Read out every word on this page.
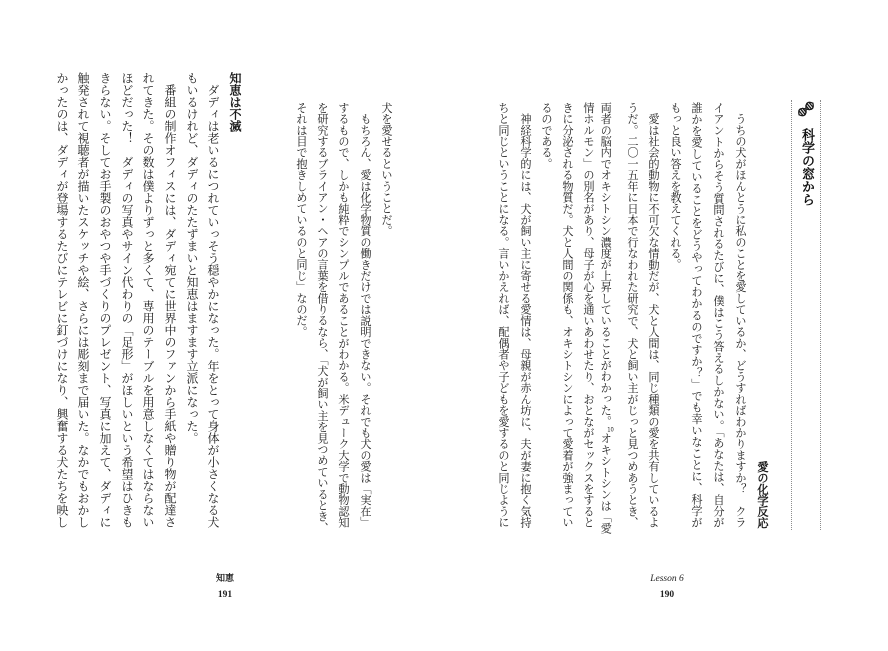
科学の窓から
愛の化学反応
　うちの犬がほんとうに私のことを愛しているか、どうすればわかりますか？　クラ
イアントからそう質問されるたびに、僕はこう答えるしかない。「あなたは、自分が
誰かを愛していることをどうやってわかるのですか？」でも幸いなことに、科学が
もっと良い答えを教えてくれる。
　愛は社会的動物に不可欠な情動だが、犬と人間は、同じ種類の愛を共有しているよ
うだ。二〇一五年に日本で行なわれた研究で、犬と飼い主がじっと見つめあうとき、
両者の脳内でオキシトシン濃度が上昇していることがわかった。$^{10}$オキシトシンは「愛
情ホルモン」の別名があり、母子が心を通いあわせたり、おとながセックスをすると
きに分泌される物質だ。犬と人間の関係も、オキシトシンによって愛着が強まってい
るのである。
　神経科学的には、犬が飼い主に寄せる愛情は、母親が赤ん坊に、夫が妻に抱く気持
ちと同じということになる。言いかえれば、配偶者や子どもを愛するのと同じように
Lesson 6
190
犬を愛せるということだ。
　もちろん、愛は化学物質の働きだけでは説明できない。それでも犬の愛は「実在」
するもので、しかも純粋でシンプルであることがわかる。米デューク大学で動物認知
を研究するブライアン・ヘアの言葉を借りるなら、「犬が飼い主を見つめているとき、
それは目で抱きしめているのと同じ」なのだ。
知恵は不滅
　ダディは老いるにつれていっそう穏やかになった。年をとって身体が小さくなる犬
もいるけれど、ダディのたたずまいと知恵はますます立派になった。
　番組の制作オフィスには、ダディ宛てに世界中のファンから手紙や贈り物が配達さ
れてきた。その数は僕よりずっと多くて、専用のテーブルを用意しなくてはならない
ほどだった！　ダディの写真やサイン代わりの「足形」がほしいという希望はひきも
きらない。そしてお手製のおやつや手づくりのプレゼント、写真に加えて、ダディに
触発されて視聴者が描いたスケッチや絵、さらには彫刻まで届いた。なかでもおかし
かったのは、ダディが登場するたびにテレビに釘づけになり、興奮する犬たちを映し
知恵
191
